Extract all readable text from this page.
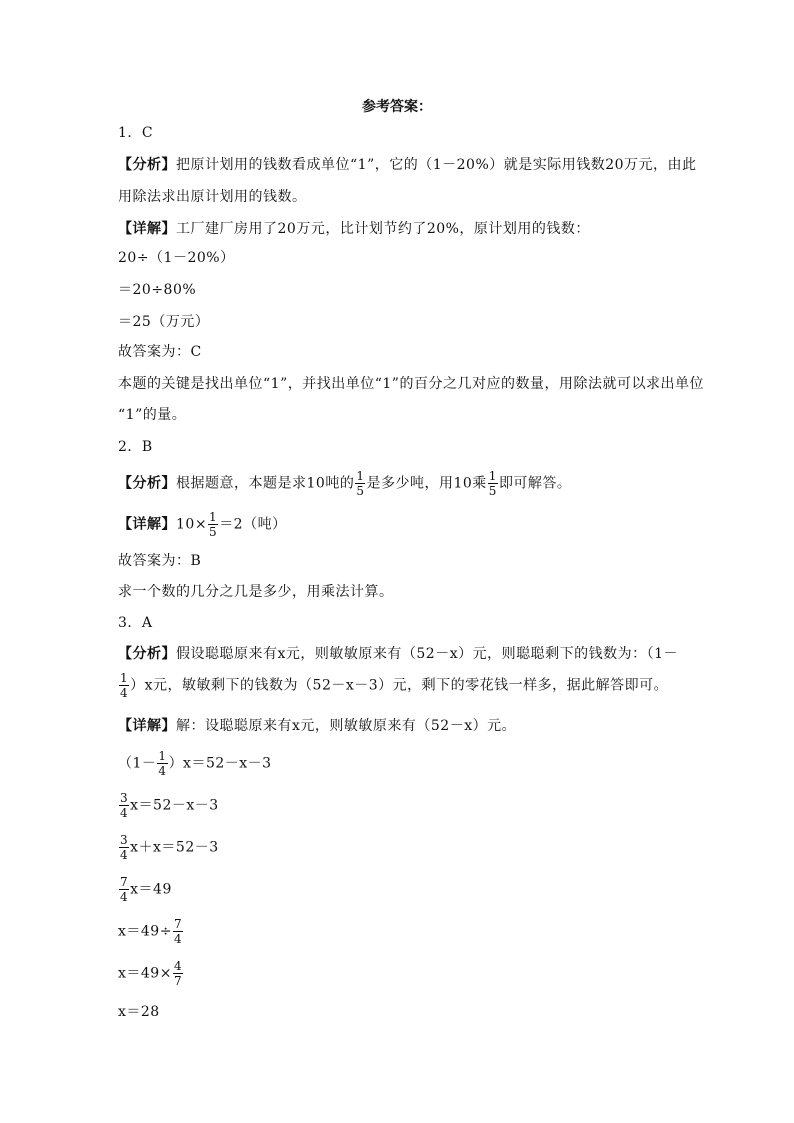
参考答案：
1．C
【分析】把原计划用的钱数看成单位“1”，它的（1－20%）就是实际用钱数20万元，由此
用除法求出原计划用的钱数。
【详解】工厂建厂房用了20万元，比计划节约了20%，原计划用的钱数：
20÷（1－20%）
＝20÷80%
＝25（万元）
故答案为：C
本题的关键是找出单位“1”，并找出单位“1”的百分之几对应的数量，用除法就可以求出单位
“1”的量。
2．B
【分析】根据题意，本题是求10吨的 $\frac{1}{5}$ 是多少吨，用10乘 $\frac{1}{5}$ 即可解答。
【详解】$10\times \frac{1}{5} =2$（吨）
故答案为：B
求一个数的几分之几是多少，用乘法计算。
3．A
【分析】假设聪聪原来有x元，则敏敏原来有（52－x）元，则聪聪剩下的钱数为：（1－
$\frac{1}{4} )x$元，敏敏剩下的钱数为（52－x－3）元，剩下的零花钱一样多，据此解答即可。
【详解】解：设聪聪原来有x元，则敏敏原来有（52－x）元。
$(1- \frac{1}{4} )x=52-x-3$
$\frac{3}{4} x=52-x-3$
$\frac{3}{4} x+x=52-3$
$\frac{7}{4} x=49$
$x=49\div \frac{7}{4}$
$x=49\times \frac{4}{7}$
x＝28
